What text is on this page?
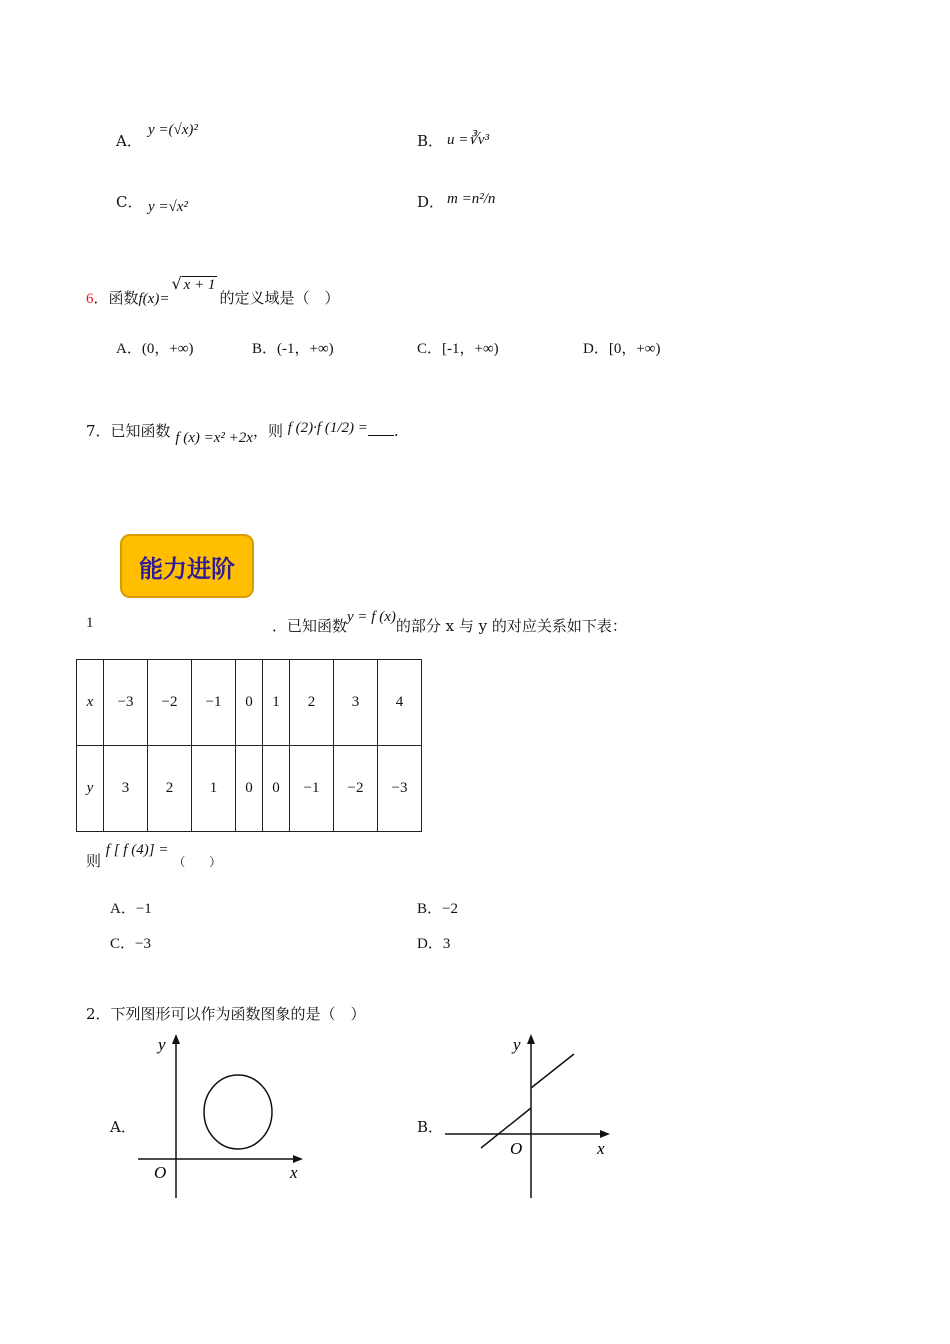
A．
y =(√x)²
B． u =∛v³
C． y =√x²	D． m =n²/n
6．函数f(x)=√ x + 1的定义域是（　）
A．(0，+∞)	B．(-1，+∞)	C．[-1，+∞)	D．[0，+∞)
7．已知函数 f (x) =x² +2x，则 f (2)·f (1/2) = .
能力进阶
1	．已知函数y = f (x)的部分 x 与 y 的对应关系如下表：
x	−3	−2	−1	0	1	2	3	4
y	3	2	1	0	0	−1	−2	−3
则 f [ f (4)] = （　　）
A．−1	B．−2
C．−3	D．3
2．下列图形可以作为函数图象的是（　）
A．
y
x
O
B．
y
x
O
